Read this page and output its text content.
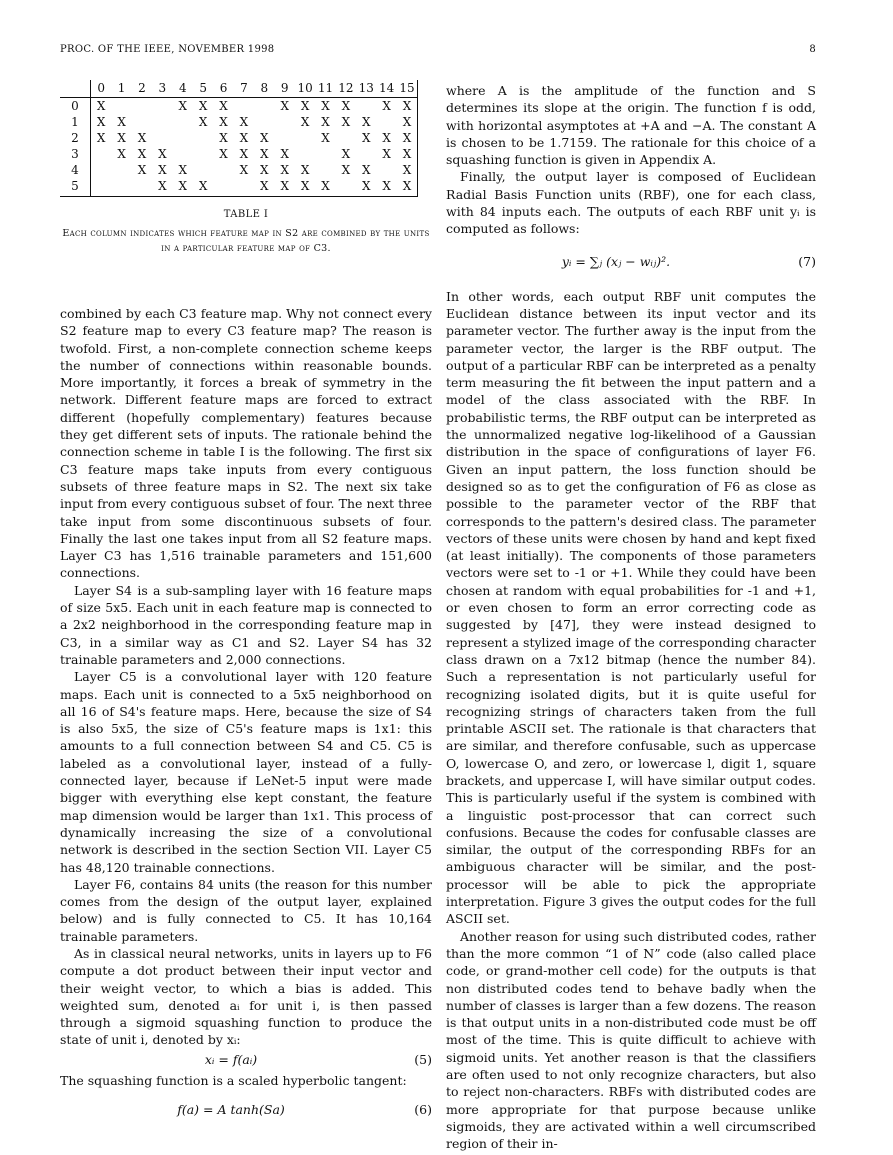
PROC. OF THE IEEE, NOVEMBER 1998	8
	0	1	2	3	4	5	6	7	8	9	10	11	12	13	14	15
0	X				X	X	X			X	X	X	X		X	X
1	X	X				X	X	X			X	X	X	X		X
2	X	X	X				X	X	X			X		X	X	X
3		X	X	X			X	X	X	X			X		X	X
4			X	X	X			X	X	X	X		X	X		X
5				X	X	X			X	X	X	X		X	X	X
TABLE I
Each column indicates which feature map in S2 are combined by the units in a particular feature map of C3.

combined by each C3 feature map. Why not connect every S2 feature map to every C3 feature map? The reason is twofold. First, a non-complete connection scheme keeps the number of connections within reasonable bounds. More importantly, it forces a break of symmetry in the network. Different feature maps are forced to extract different (hopefully complementary) features because they get different sets of inputs. The rationale behind the connection scheme in table I is the following. The first six C3 feature maps take inputs from every contiguous subsets of three feature maps in S2. The next six take input from every contiguous subset of four. The next three take input from some discontinuous subsets of four. Finally the last one takes input from all S2 feature maps. Layer C3 has 1,516 trainable parameters and 151,600 connections.

Layer S4 is a sub-sampling layer with 16 feature maps of size 5x5. Each unit in each feature map is connected to a 2x2 neighborhood in the corresponding feature map in C3, in a similar way as C1 and S2. Layer S4 has 32 trainable parameters and 2,000 connections.

Layer C5 is a convolutional layer with 120 feature maps. Each unit is connected to a 5x5 neighborhood on all 16 of S4's feature maps. Here, because the size of S4 is also 5x5, the size of C5's feature maps is 1x1: this amounts to a full connection between S4 and C5. C5 is labeled as a convolutional layer, instead of a fully-connected layer, because if LeNet-5 input were made bigger with everything else kept constant, the feature map dimension would be larger than 1x1. This process of dynamically increasing the size of a convolutional network is described in the section Section VII. Layer C5 has 48,120 trainable connections.

Layer F6, contains 84 units (the reason for this number comes from the design of the output layer, explained below) and is fully connected to C5. It has 10,164 trainable parameters.

As in classical neural networks, units in layers up to F6 compute a dot product between their input vector and their weight vector, to which a bias is added. This weighted sum, denoted aᵢ for unit i, is then passed through a sigmoid squashing function to produce the state of unit i, denoted by xᵢ:

xᵢ = f(aᵢ)	(5)

The squashing function is a scaled hyperbolic tangent:

f(a) = A tanh(Sa)	(6)

where A is the amplitude of the function and S determines its slope at the origin. The function f is odd, with horizontal asymptotes at +A and −A. The constant A is chosen to be 1.7159. The rationale for this choice of a squashing function is given in Appendix A.

Finally, the output layer is composed of Euclidean Radial Basis Function units (RBF), one for each class, with 84 inputs each. The outputs of each RBF unit yᵢ is computed as follows:

yᵢ = ∑ⱼ (xⱼ − wᵢⱼ)².	(7)

In other words, each output RBF unit computes the Euclidean distance between its input vector and its parameter vector. The further away is the input from the parameter vector, the larger is the RBF output. The output of a particular RBF can be interpreted as a penalty term measuring the fit between the input pattern and a model of the class associated with the RBF. In probabilistic terms, the RBF output can be interpreted as the unnormalized negative log-likelihood of a Gaussian distribution in the space of configurations of layer F6. Given an input pattern, the loss function should be designed so as to get the configuration of F6 as close as possible to the parameter vector of the RBF that corresponds to the pattern's desired class. The parameter vectors of these units were chosen by hand and kept fixed (at least initially). The components of those parameters vectors were set to -1 or +1. While they could have been chosen at random with equal probabilities for -1 and +1, or even chosen to form an error correcting code as suggested by [47], they were instead designed to represent a stylized image of the corresponding character class drawn on a 7x12 bitmap (hence the number 84). Such a representation is not particularly useful for recognizing isolated digits, but it is quite useful for recognizing strings of characters taken from the full printable ASCII set. The rationale is that characters that are similar, and therefore confusable, such as uppercase O, lowercase O, and zero, or lowercase l, digit 1, square brackets, and uppercase I, will have similar output codes. This is particularly useful if the system is combined with a linguistic post-processor that can correct such confusions. Because the codes for confusable classes are similar, the output of the corresponding RBFs for an ambiguous character will be similar, and the post-processor will be able to pick the appropriate interpretation. Figure 3 gives the output codes for the full ASCII set.

Another reason for using such distributed codes, rather than the more common “1 of N” code (also called place code, or grand-mother cell code) for the outputs is that non distributed codes tend to behave badly when the number of classes is larger than a few dozens. The reason is that output units in a non-distributed code must be off most of the time. This is quite difficult to achieve with sigmoid units. Yet another reason is that the classifiers are often used to not only recognize characters, but also to reject non-characters. RBFs with distributed codes are more appropriate for that purpose because unlike sigmoids, they are activated within a well circumscribed region of their in-
